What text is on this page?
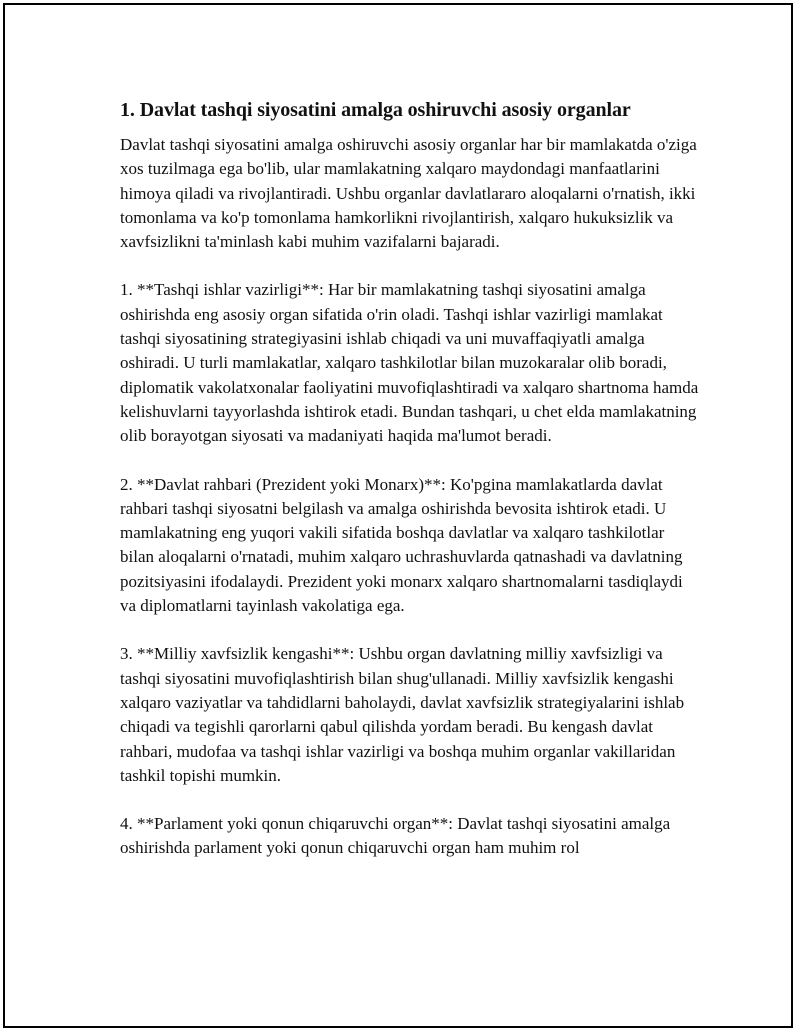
1. Davlat tashqi siyosatini amalga oshiruvchi asosiy organlar

Davlat tashqi siyosatini amalga oshiruvchi asosiy organlar har bir mamlakatda o'ziga xos tuzilmaga ega bo'lib, ular mamlakatning xalqaro maydondagi manfaatlarini himoya qiladi va rivojlantiradi. Ushbu organlar davlatlararo aloqalarni o'rnatish, ikki tomonlama va ko'p tomonlama hamkorlikni rivojlantirish, xalqaro hukuksizlik va xavfsizlikni ta'minlash kabi muhim vazifalarni bajaradi.

1. **Tashqi ishlar vazirligi**: Har bir mamlakatning tashqi siyosatini amalga oshirishda eng asosiy organ sifatida o'rin oladi. Tashqi ishlar vazirligi mamlakat tashqi siyosatining strategiyasini ishlab chiqadi va uni muvaffaqiyatli amalga oshiradi. U turli mamlakatlar, xalqaro tashkilotlar bilan muzokaralar olib boradi, diplomatik vakolatxonalar faoliyatini muvofiqlashtiradi va xalqaro shartnoma hamda kelishuvlarni tayyorlashda ishtirok etadi. Bundan tashqari, u chet elda mamlakatning olib borayotgan siyosati va madaniyati haqida ma'lumot beradi.

2. **Davlat rahbari (Prezident yoki Monarx)**: Ko'pgina mamlakatlarda davlat rahbari tashqi siyosatni belgilash va amalga oshirishda bevosita ishtirok etadi. U mamlakatning eng yuqori vakili sifatida boshqa davlatlar va xalqaro tashkilotlar bilan aloqalarni o'rnatadi, muhim xalqaro uchrashuvlarda qatnashadi va davlatning pozitsiyasini ifodalaydi. Prezident yoki monarx xalqaro shartnomalarni tasdiqlaydi va diplomatlarni tayinlash vakolatiga ega.

3. **Milliy xavfsizlik kengashi**: Ushbu organ davlatning milliy xavfsizligi va tashqi siyosatini muvofiqlashtirish bilan shug'ullanadi. Milliy xavfsizlik kengashi xalqaro vaziyatlar va tahdidlarni baholaydi, davlat xavfsizlik strategiyalarini ishlab chiqadi va tegishli qarorlarni qabul qilishda yordam beradi. Bu kengash davlat rahbari, mudofaa va tashqi ishlar vazirligi va boshqa muhim organlar vakillaridan tashkil topishi mumkin.

4. **Parlament yoki qonun chiqaruvchi organ**: Davlat tashqi siyosatini amalga oshirishda parlament yoki qonun chiqaruvchi organ ham muhim rol
